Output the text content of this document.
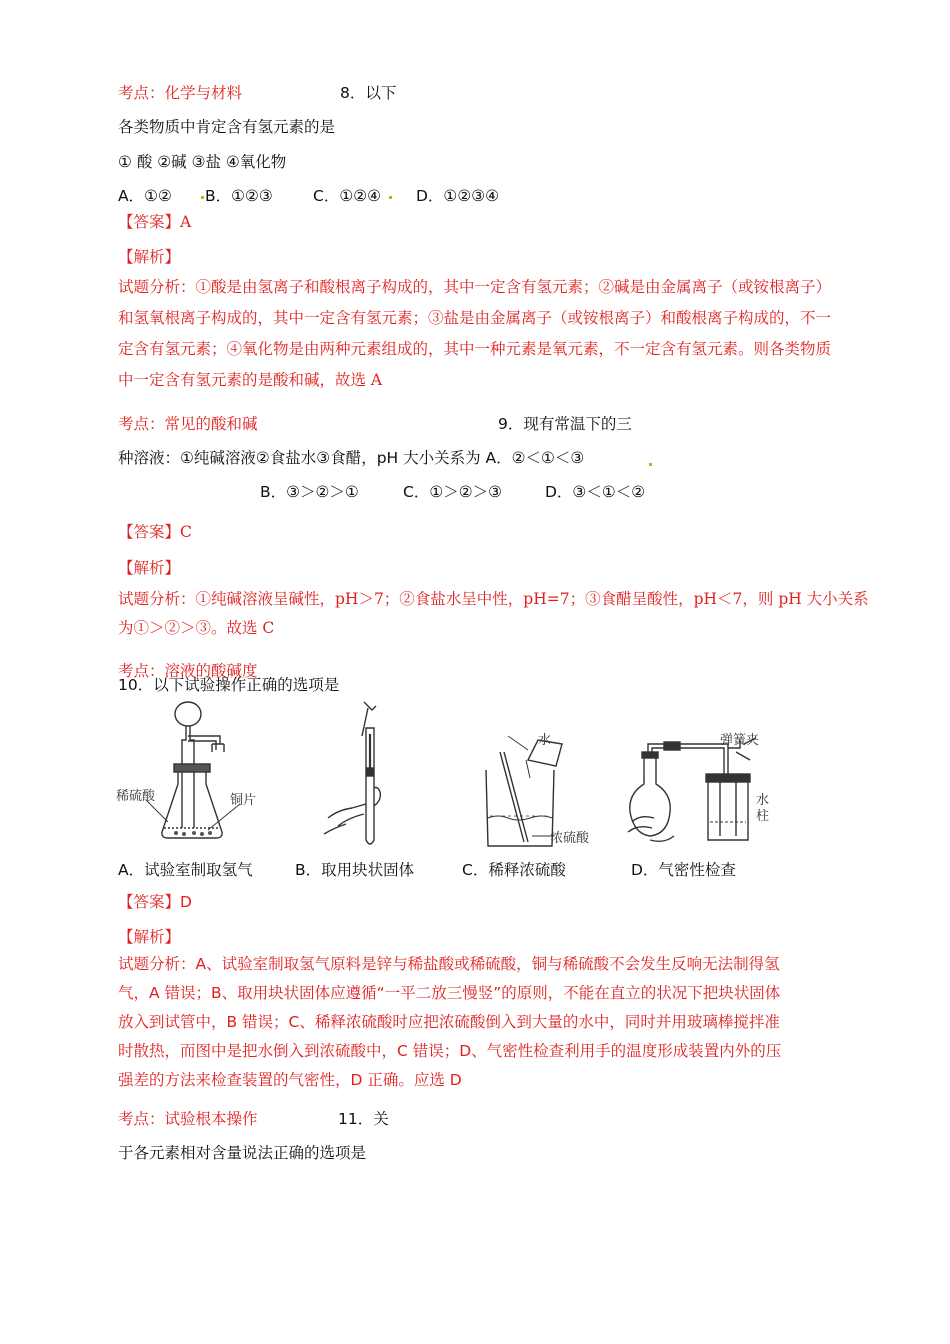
考点：化学与材料	8．以下
各类物质中肯定含有氢元素的是
① 酸 ②碱 ③盐 ④氧化物
A．①② B．①②③	C．①②④ D．①②③④
【答案】A
【解析】
试题分析：①酸是由氢离子和酸根离子构成的，其中一定含有氢元素；②碱是由金属离子（或铵根离子）
和氢氧根离子构成的，其中一定含有氢元素；③盐是由金属离子（或铵根离子）和酸根离子构成的，不一
定含有氢元素；④氧化物是由两种元素组成的，其中一种元素是氧元素，不一定含有氢元素。则各类物质
中一定含有氢元素的是酸和碱，故选 A
考点：常见的酸和碱	9．现有常温下的三
种溶液：①纯碱溶液②食盐水③食醋，pH 大小关系为 A．②＜①＜③
B．③＞②＞①	C．①＞②＞③	D．③＜①＜②
【答案】C
【解析】
试题分析：①纯碱溶液呈碱性，pH＞7；②食盐水呈中性，pH=7；③食醋呈酸性，pH＜7，则 pH 大小关系
为①＞②＞③。故选 C
考点：溶液的酸碱度
10．以下试验操作正确的选项是
稀硫酸	铜片
水
浓硫酸
弹簧夹
水
柱
A．试验室制取氢气	B．取用块状固体	C．稀释浓硫酸	D．气密性检查
【答案】D
【解析】
试题分析：A、试验室制取氢气原料是锌与稀盐酸或稀硫酸，铜与稀硫酸不会发生反响无法制得氢
气，A 错误；B、取用块状固体应遵循“一平二放三慢竖”的原则，不能在直立的状况下把块状固体
放入到试管中，B 错误；C、稀释浓硫酸时应把浓硫酸倒入到大量的水中，同时并用玻璃棒搅拌准
时散热，而图中是把水倒入到浓硫酸中，C 错误；D、气密性检查利用手的温度形成装置内外的压
强差的方法来检查装置的气密性，D 正确。应选 D
考点：试验根本操作	11．关
于各元素相对含量说法正确的选项是
